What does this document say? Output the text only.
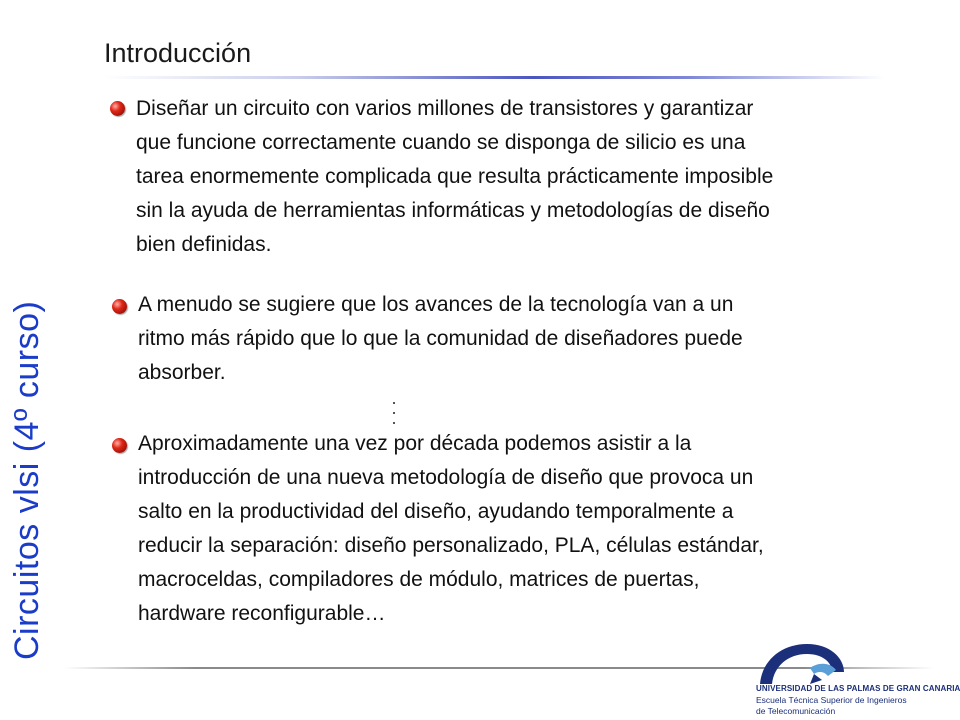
Circuitos vlsi (4º curso)
Introducción
Diseñar un circuito con varios millones de transistores y garantizar
que funcione correctamente cuando se disponga de silicio es una
tarea enormemente complicada que resulta prácticamente imposible
sin la ayuda de herramientas informáticas y metodologías de diseño
bien definidas.
A menudo se sugiere que los avances de la tecnología van a un
ritmo más rápido que lo que la comunidad de diseñadores puede
absorber.
Aproximadamente una vez por década podemos asistir a la
introducción de una nueva metodología de diseño que provoca un
salto en la productividad del diseño, ayudando temporalmente a
reducir la separación: diseño personalizado, PLA, células estándar,
macroceldas, compiladores de módulo, matrices de puertas,
hardware reconfigurable…
UNIVERSIDAD DE LAS PALMAS DE GRAN CANARIA
Escuela Técnica Superior de Ingenieros
de Telecomunicación
